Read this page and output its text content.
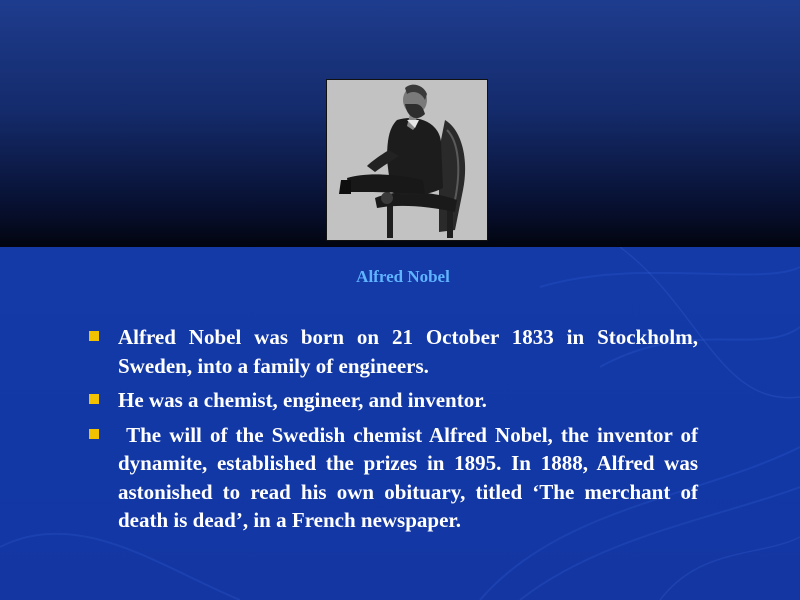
Alfred Nobel
Alfred Nobel was born on 21 October 1833 in Stockholm, Sweden, into a family of engineers.
He was a chemist, engineer, and inventor.
The will of the Swedish chemist Alfred Nobel, the inventor of dynamite, established the prizes in 1895. In 1888, Alfred was astonished to read his own obituary, titled ‘The merchant of death is dead’, in a French newspaper.
